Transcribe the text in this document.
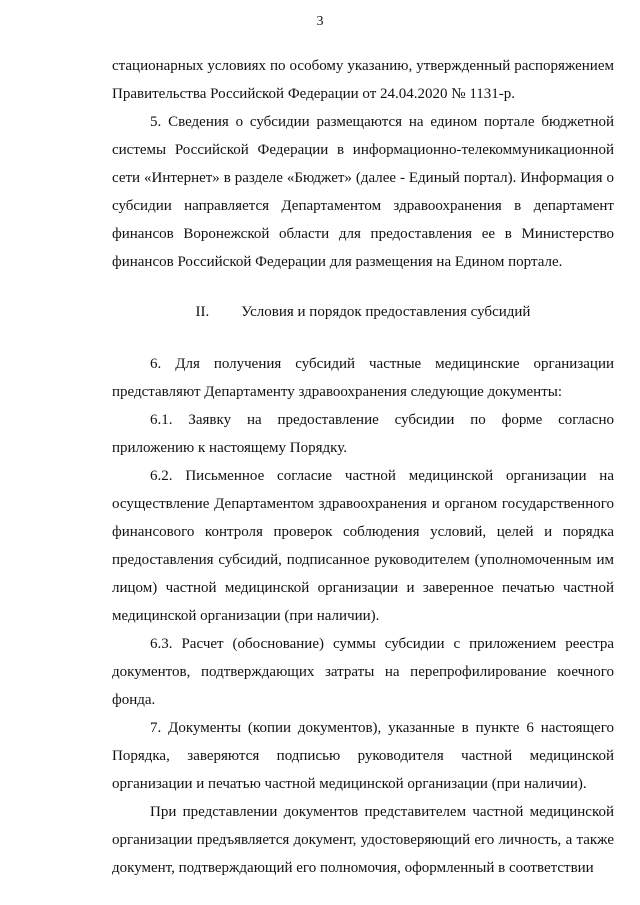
3

стационарных условиях по особому указанию, утвержденный распоряжением Правительства Российской Федерации от 24.04.2020 № 1131-р.

5. Сведения о субсидии размещаются на едином портале бюджетной системы Российской Федерации в информационно-телекоммуникационной сети «Интернет» в разделе «Бюджет» (далее - Единый портал). Информация о субсидии направляется Департаментом здравоохранения в департамент финансов Воронежской области для предоставления ее в Министерство финансов Российской Федерации для размещения на Едином портале.

II. Условия и порядок предоставления субсидий

6. Для получения субсидий частные медицинские организации представляют Департаменту здравоохранения следующие документы:

6.1. Заявку на предоставление субсидии по форме согласно приложению к настоящему Порядку.

6.2. Письменное согласие частной медицинской организации на осуществление Департаментом здравоохранения и органом государственного финансового контроля проверок соблюдения условий, целей и порядка предоставления субсидий, подписанное руководителем (уполномоченным им лицом) частной медицинской организации и заверенное печатью частной медицинской организации (при наличии).

6.3. Расчет (обоснование) суммы субсидии с приложением реестра документов, подтверждающих затраты на перепрофилирование коечного фонда.

7. Документы (копии документов), указанные в пункте 6 настоящего Порядка, заверяются подписью руководителя частной медицинской организации и печатью частной медицинской организации (при наличии).

При представлении документов представителем частной медицинской организации предъявляется документ, удостоверяющий его личность, а также документ, подтверждающий его полномочия, оформленный в соответствии
